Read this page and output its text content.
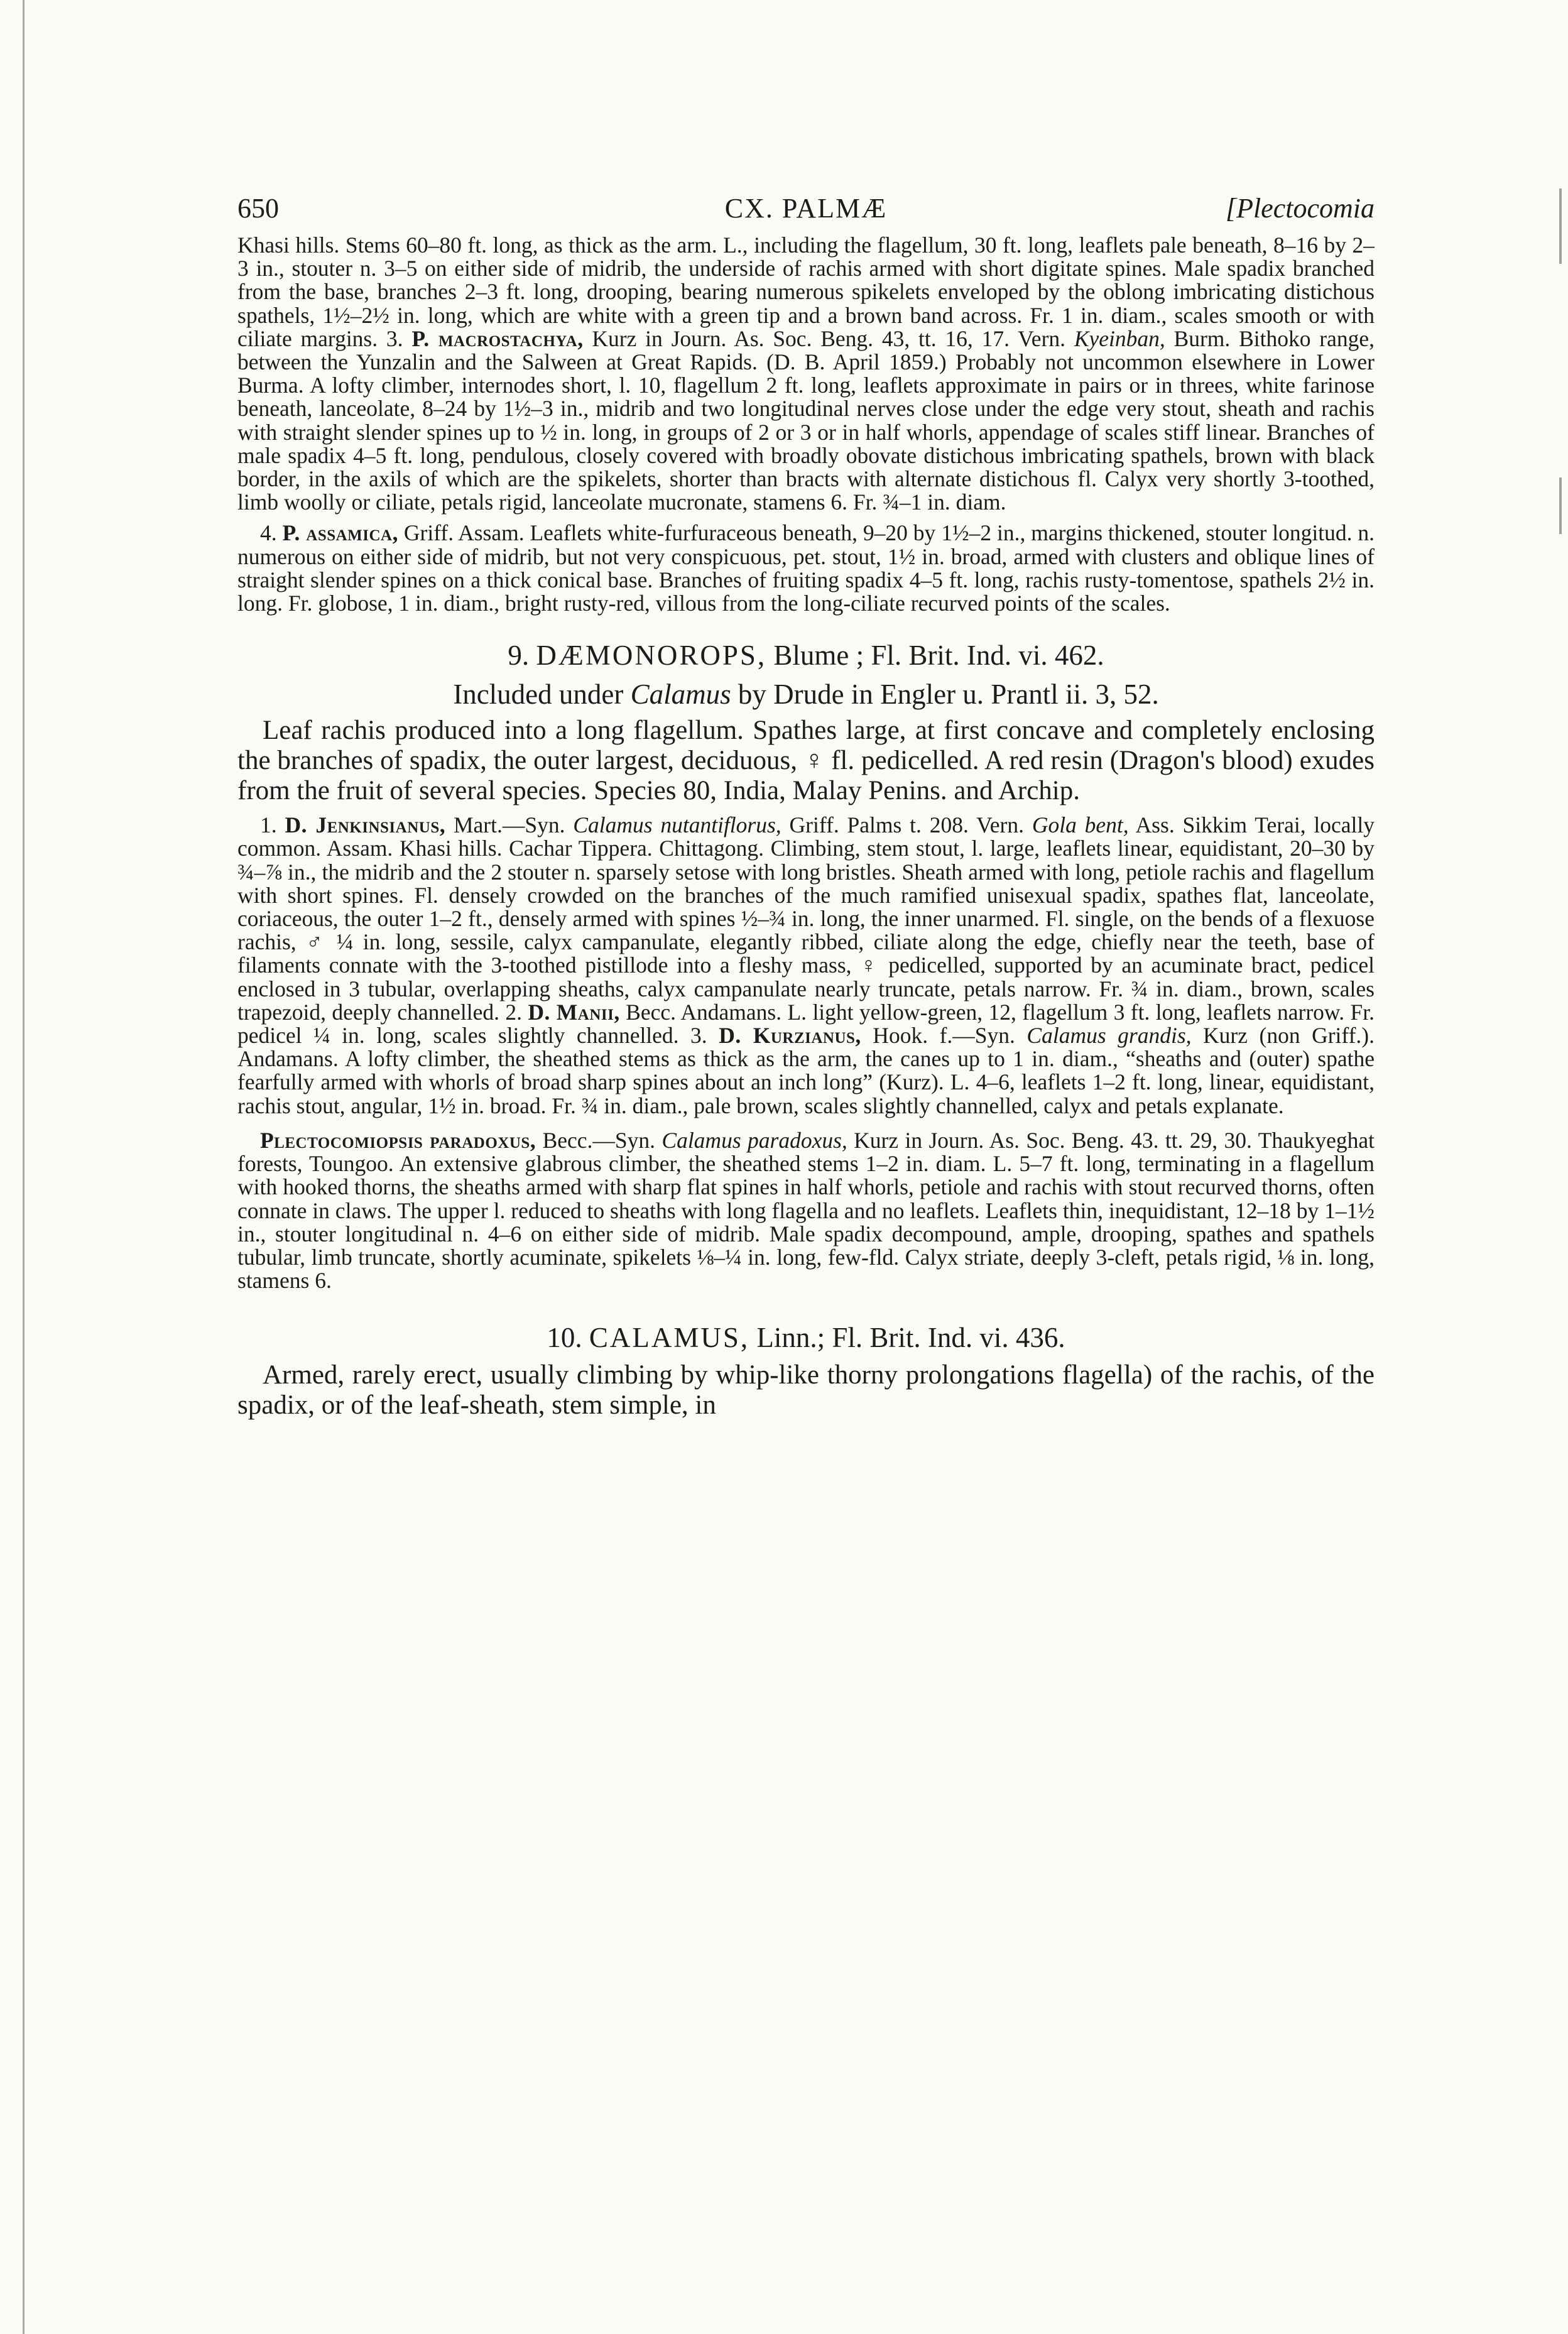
650	CX. PALMÆ	[Plectocomia

Khasi hills. Stems 60–80 ft. long, as thick as the arm. L., including the flagellum, 30 ft. long, leaflets pale beneath, 8–16 by 2–3 in., stouter n. 3–5 on either side of midrib, the underside of rachis armed with short digitate spines. Male spadix branched from the base, branches 2–3 ft. long, drooping, bearing numerous spikelets enveloped by the oblong imbricating distichous spathels, 1½–2½ in. long, which are white with a green tip and a brown band across. Fr. 1 in. diam., scales smooth or with ciliate margins. 3. P. macrostachya, Kurz in Journ. As. Soc. Beng. 43, tt. 16, 17. Vern. Kyeinban, Burm. Bithoko range, between the Yunzalin and the Salween at Great Rapids. (D. B. April 1859.) Probably not uncommon elsewhere in Lower Burma. A lofty climber, internodes short, l. 10, flagellum 2 ft. long, leaflets approximate in pairs or in threes, white farinose beneath, lanceolate, 8–24 by 1½–3 in., midrib and two longitudinal nerves close under the edge very stout, sheath and rachis with straight slender spines up to ½ in. long, in groups of 2 or 3 or in half whorls, appendage of scales stiff linear. Branches of male spadix 4–5 ft. long, pendulous, closely covered with broadly obovate distichous imbricating spathels, brown with black border, in the axils of which are the spikelets, shorter than bracts with alternate distichous fl. Calyx very shortly 3-toothed, limb woolly or ciliate, petals rigid, lanceolate mucronate, stamens 6. Fr. ¾–1 in. diam.

4. P. assamica, Griff. Assam. Leaflets white-furfuraceous beneath, 9–20 by 1½–2 in., margins thickened, stouter longitud. n. numerous on either side of midrib, but not very conspicuous, pet. stout, 1½ in. broad, armed with clusters and oblique lines of straight slender spines on a thick conical base. Branches of fruiting spadix 4–5 ft. long, rachis rusty-tomentose, spathels 2½ in. long. Fr. globose, 1 in. diam., bright rusty-red, villous from the long-ciliate recurved points of the scales.

9. DÆMONOROPS, Blume ; Fl. Brit. Ind. vi. 462.
Included under Calamus by Drude in Engler u. Prantl ii. 3, 52.

Leaf rachis produced into a long flagellum. Spathes large, at first concave and completely enclosing the branches of spadix, the outer largest, deciduous, ♀ fl. pedicelled. A red resin (Dragon's blood) exudes from the fruit of several species. Species 80, India, Malay Penins. and Archip.

1. D. Jenkinsianus, Mart.—Syn. Calamus nutantiflorus, Griff. Palms t. 208. Vern. Gola bent, Ass. Sikkim Terai, locally common. Assam. Khasi hills. Cachar Tippera. Chittagong. Climbing, stem stout, l. large, leaflets linear, equidistant, 20–30 by ¾–⅞ in., the midrib and the 2 stouter n. sparsely setose with long bristles. Sheath armed with long, petiole rachis and flagellum with short spines. Fl. densely crowded on the branches of the much ramified unisexual spadix, spathes flat, lanceolate, coriaceous, the outer 1–2 ft., densely armed with spines ½–¾ in. long, the inner unarmed. Fl. single, on the bends of a flexuose rachis, ♂ ¼ in. long, sessile, calyx campanulate, elegantly ribbed, ciliate along the edge, chiefly near the teeth, base of filaments connate with the 3-toothed pistillode into a fleshy mass, ♀ pedicelled, supported by an acuminate bract, pedicel enclosed in 3 tubular, overlapping sheaths, calyx campanulate nearly truncate, petals narrow. Fr. ¾ in. diam., brown, scales trapezoid, deeply channelled. 2. D. Manii, Becc. Andamans. L. light yellow-green, 12, flagellum 3 ft. long, leaflets narrow. Fr. pedicel ¼ in. long, scales slightly channelled. 3. D. Kurzianus, Hook. f.—Syn. Calamus grandis, Kurz (non Griff.). Andamans. A lofty climber, the sheathed stems as thick as the arm, the canes up to 1 in. diam., “sheaths and (outer) spathe fearfully armed with whorls of broad sharp spines about an inch long” (Kurz). L. 4–6, leaflets 1–2 ft. long, linear, equidistant, rachis stout, angular, 1½ in. broad. Fr. ¾ in. diam., pale brown, scales slightly channelled, calyx and petals explanate.

Plectocomiopsis paradoxus, Becc.—Syn. Calamus paradoxus, Kurz in Journ. As. Soc. Beng. 43. tt. 29, 30. Thaukyeghat forests, Toungoo. An extensive glabrous climber, the sheathed stems 1–2 in. diam. L. 5–7 ft. long, terminating in a flagellum with hooked thorns, the sheaths armed with sharp flat spines in half whorls, petiole and rachis with stout recurved thorns, often connate in claws. The upper l. reduced to sheaths with long flagella and no leaflets. Leaflets thin, inequidistant, 12–18 by 1–1½ in., stouter longitudinal n. 4–6 on either side of midrib. Male spadix decompound, ample, drooping, spathes and spathels tubular, limb truncate, shortly acuminate, spikelets ⅛–¼ in. long, few-fld. Calyx striate, deeply 3-cleft, petals rigid, ⅛ in. long, stamens 6.

10. CALAMUS, Linn.; Fl. Brit. Ind. vi. 436.

Armed, rarely erect, usually climbing by whip-like thorny prolongations flagella) of the rachis, of the spadix, or of the leaf-sheath, stem simple, in
